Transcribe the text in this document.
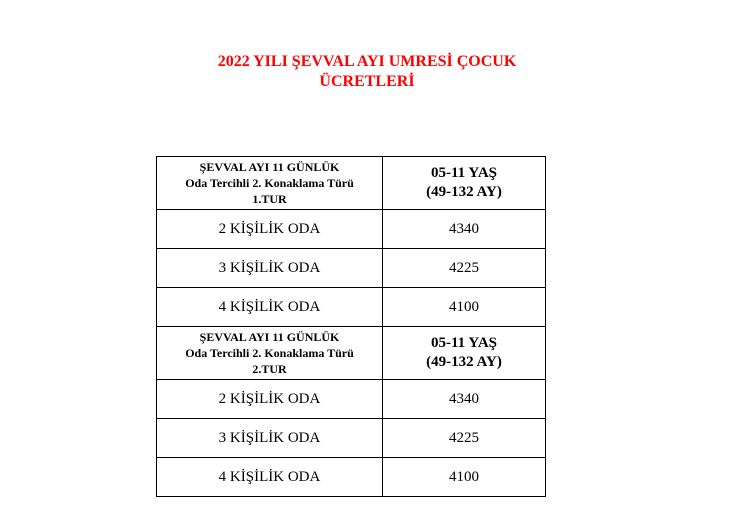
2022 YILI ŞEVVAL AYI UMRESİ ÇOCUK
ÜCRETLERİ
ŞEVVAL AYI 11 GÜNLÜK
Oda Tercihli 2. Konaklama Türü
1.TUR	05-11 YAŞ
(49-132 AY)

2 KİŞİLİK ODA	4340
3 KİŞİLİK ODA	4225
4 KİŞİLİK ODA	4100

ŞEVVAL AYI 11 GÜNLÜK
Oda Tercihli 2. Konaklama Türü
2.TUR	05-11 YAŞ
(49-132 AY)

2 KİŞİLİK ODA	4340
3 KİŞİLİK ODA	4225
4 KİŞİLİK ODA	4100
